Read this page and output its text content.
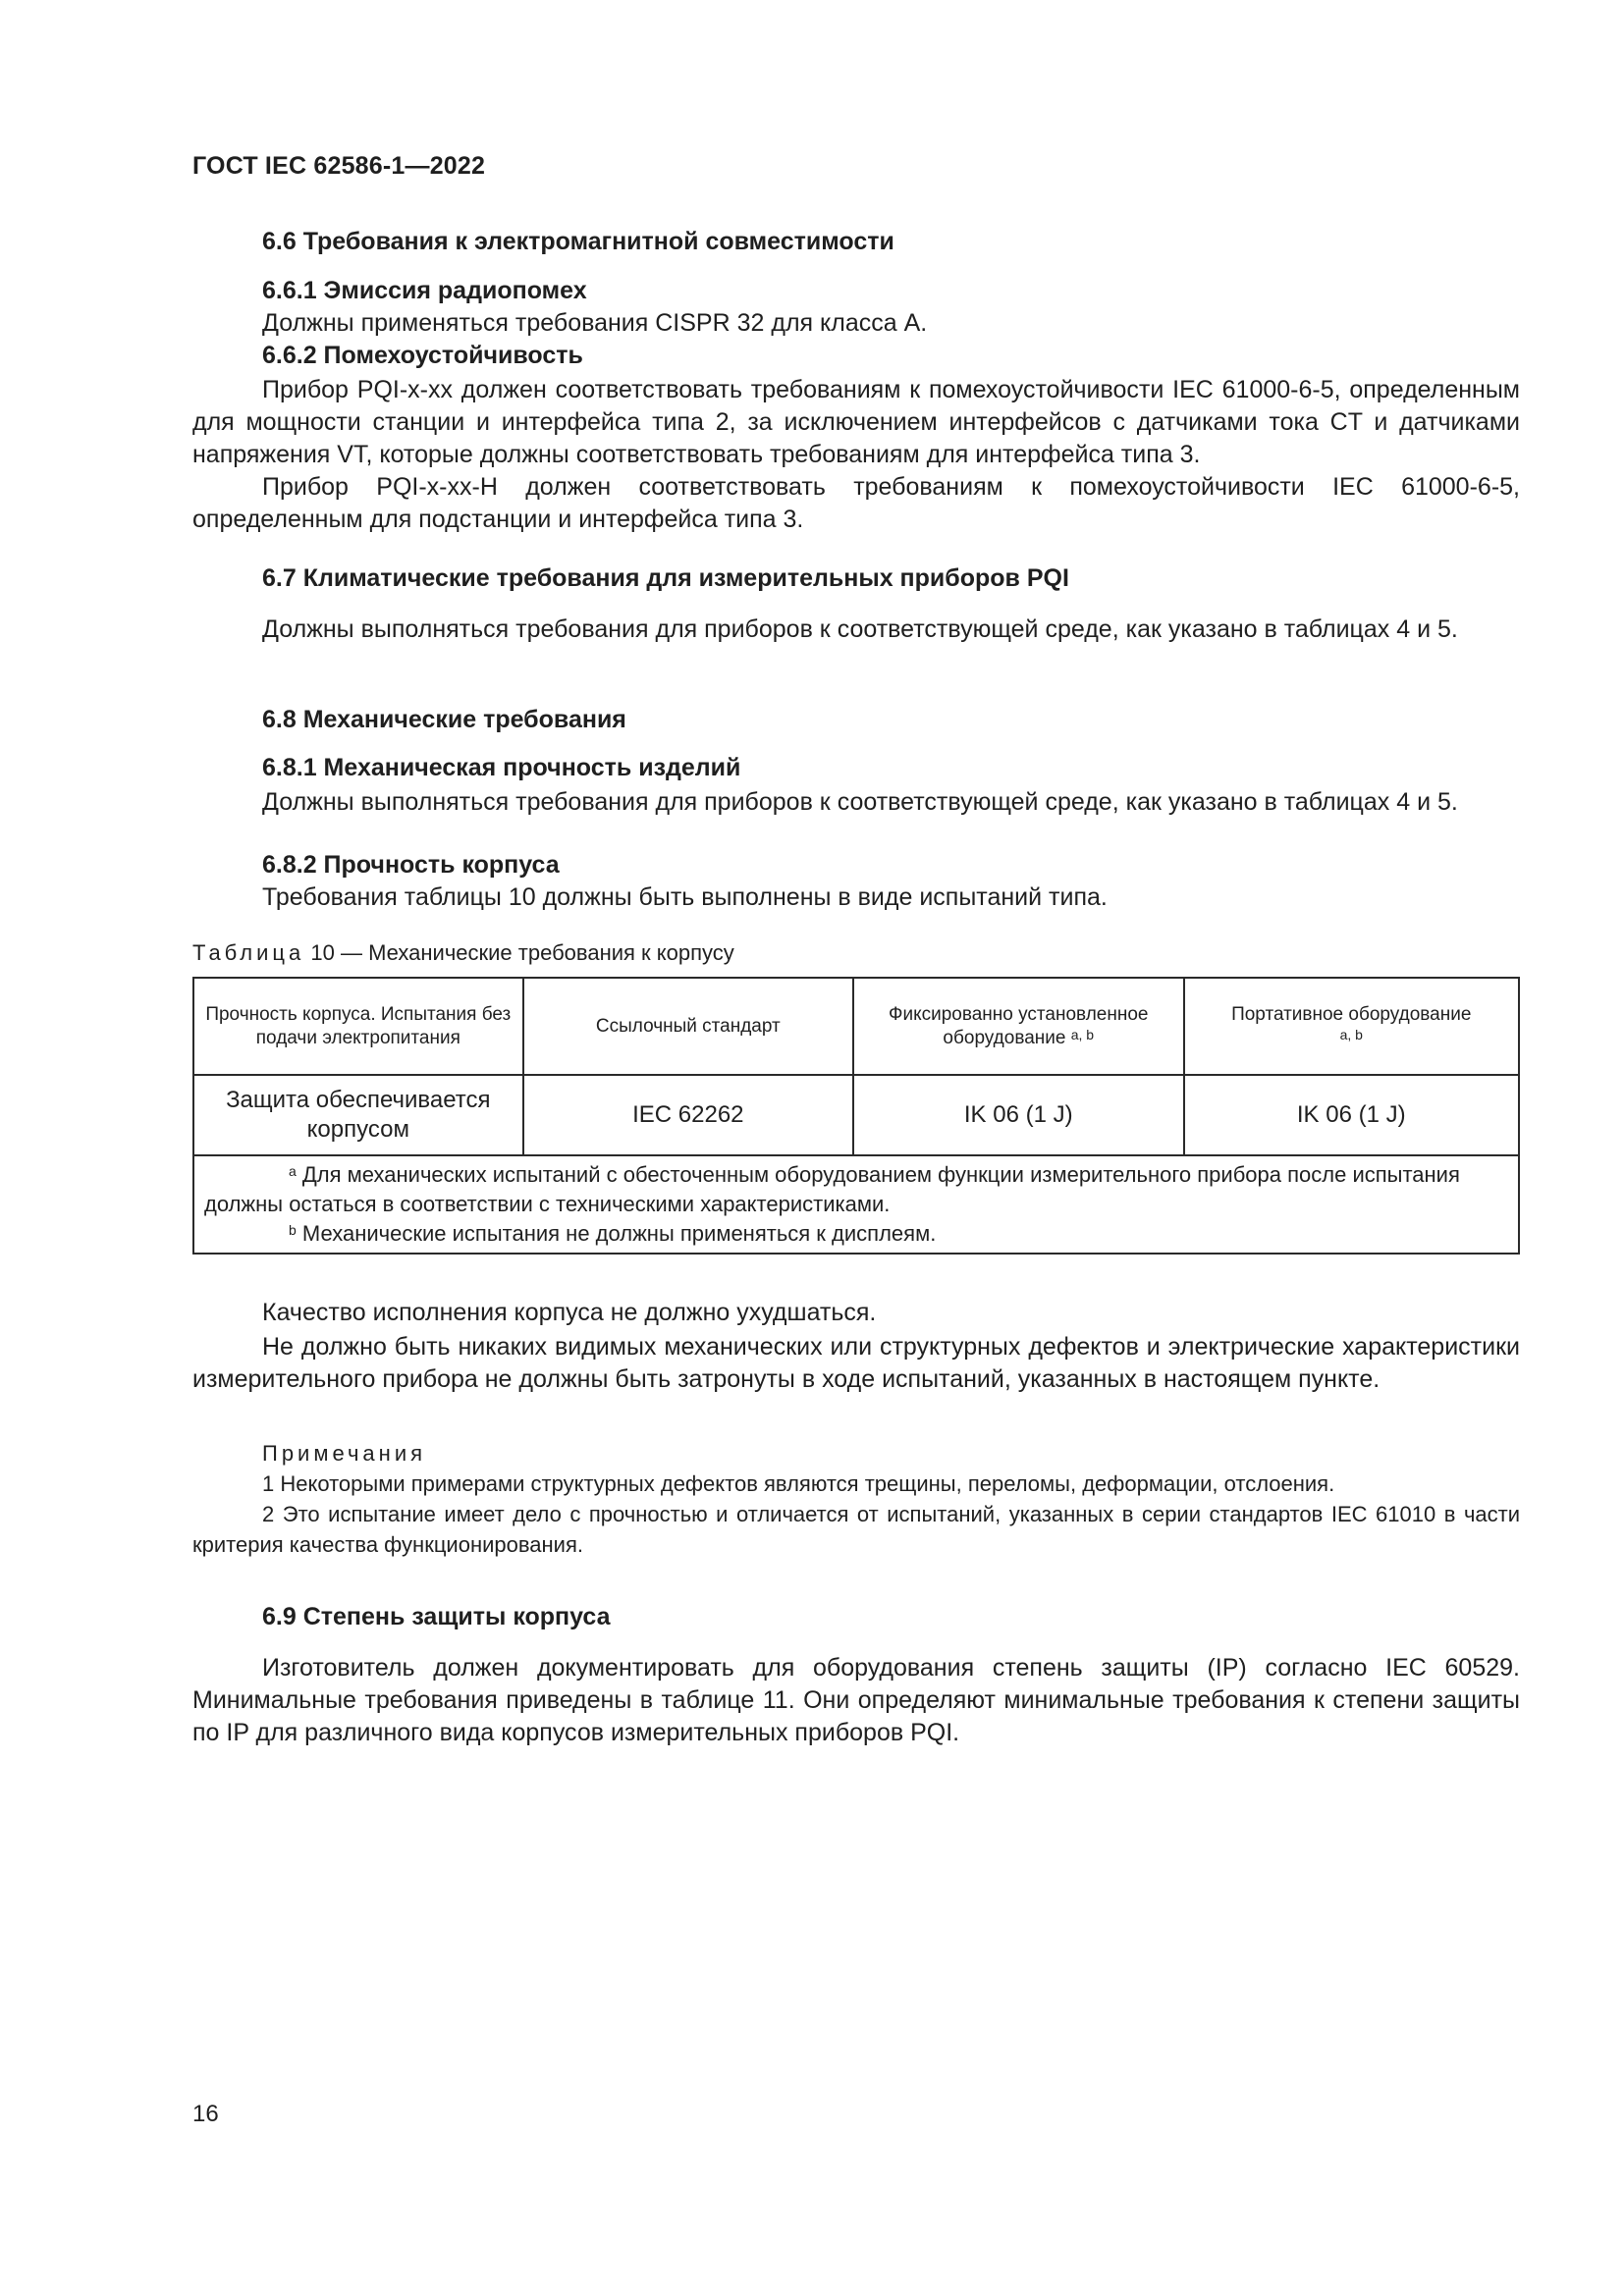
ГОСТ IEC 62586-1—2022
6.6 Требования к электромагнитной совместимости
6.6.1 Эмиссия радиопомех
Должны применяться требования CISPR 32 для класса А.
6.6.2 Помехоустойчивость

Прибор PQI-x-xx должен соответствовать требованиям к помехоустойчивости IEC 61000-6-5, определенным для мощности станции и интерфейса типа 2, за исключением интерфейсов с датчиками тока CT и датчиками напряжения VT, которые должны соответствовать требованиям для интерфейса типа 3.

Прибор PQI-x-xx-H должен соответствовать требованиям к помехоустойчивости IEC 61000-6-5, определенным для подстанции и интерфейса типа 3.

6.7 Климатические требования для измерительных приборов PQI

Должны выполняться требования для приборов к соответствующей среде, как указано в таблицах 4 и 5.

6.8 Механические требования
6.8.1 Механическая прочность изделий

Должны выполняться требования для приборов к соответствующей среде, как указано в таблицах 4 и 5.

6.8.2 Прочность корпуса
Требования таблицы 10 должны быть выполнены в виде испытаний типа.
Таблица 10 — Механические требования к корпусу
Прочность корпуса. Испытания без подачи электропитания	Ссылочный стандарт	Фиксированно установленное оборудование $^{a, b}$	Портативное оборудование
$^{a, b}$
Защита обеспечивается корпусом	IEC 62262	IK 06 (1 J)	IK 06 (1 J)

$^a$ Для механических испытаний с обесточенным оборудованием функции измерительного прибора после испытания должны остаться в соответствии с техническими характеристиками.
$^b$ Механические испытания не должны применяться к дисплеям.			
Качество исполнения корпуса не должно ухудшаться.

Не должно быть никаких видимых механических или структурных дефектов и электрические характеристики измерительного прибора не должны быть затронуты в ходе испытаний, указанных в настоящем пункте.

Примечания

1 Некоторыми примерами структурных дефектов являются трещины, переломы, деформации, отслоения.

2 Это испытание имеет дело с прочностью и отличается от испытаний, указанных в серии стандартов IEC 61010 в части критерия качества функционирования.

6.9 Степень защиты корпуса

Изготовитель должен документировать для оборудования степень защиты (IP) согласно IEC 60529. Минимальные требования приведены в таблице 11. Они определяют минимальные требования к степени защиты по IP для различного вида корпусов измерительных приборов PQI.

16
